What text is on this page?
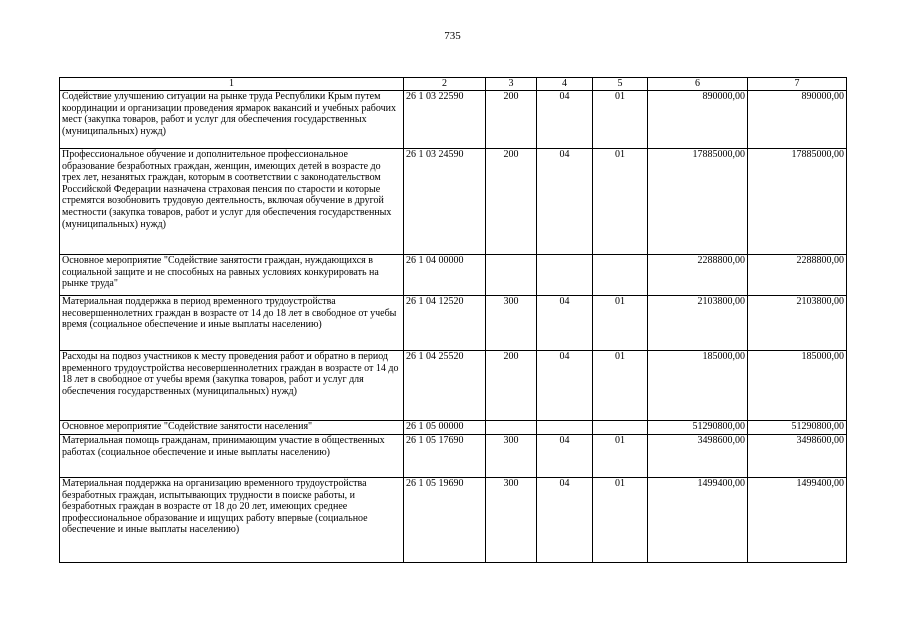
735
1	2	3	4	5	6	7
Содействие улучшению ситуации на рынке труда Республики Крым путем координации и организации проведения ярмарок вакансий и учебных рабочих мест (закупка товаров, работ и услуг для обеспечения государственных (муниципальных) нужд)	26 1 03 22590	200	04	01	890000,00	890000,00
Профессиональное обучение и дополнительное профессиональное образование безработных граждан, женщин, имеющих детей в возрасте до трех лет, незанятых граждан, которым в соответствии с законодательством Российской Федерации назначена страховая пенсия по старости и которые стремятся возобновить трудовую деятельность, включая обучение в другой местности (закупка товаров, работ и услуг для обеспечения государственных (муниципальных) нужд)	26 1 03 24590	200	04	01	17885000,00	17885000,00
Основное мероприятие "Содействие занятости граждан, нуждающихся в социальной защите и не способных на равных условиях конкурировать на рынке труда"	26 1 04 00000				2288800,00	2288800,00
Материальная поддержка в период временного трудоустройства несовершеннолетних граждан в возрасте от 14 до 18 лет в свободное от учебы время (социальное обеспечение и иные выплаты населению)	26 1 04 12520	300	04	01	2103800,00	2103800,00
Расходы на подвоз участников к месту проведения работ и обратно в период временного трудоустройства несовершеннолетних граждан в возрасте от 14 до 18 лет в свободное от учебы время (закупка товаров, работ и услуг для обеспечения государственных (муниципальных) нужд)	26 1 04 25520	200	04	01	185000,00	185000,00
Основное мероприятие "Содействие занятости населения"	26 1 05 00000				51290800,00	51290800,00
Материальная помощь гражданам, принимающим участие в общественных работах (социальное обеспечение и иные выплаты населению)	26 1 05 17690	300	04	01	3498600,00	3498600,00
Материальная поддержка на организацию временного трудоустройства безработных граждан, испытывающих трудности в поиске работы, и безработных граждан в возрасте от 18 до 20 лет, имеющих среднее профессиональное образование и ищущих работу впервые (социальное обеспечение и иные выплаты населению)	26 1 05 19690	300	04	01	1499400,00	1499400,00
